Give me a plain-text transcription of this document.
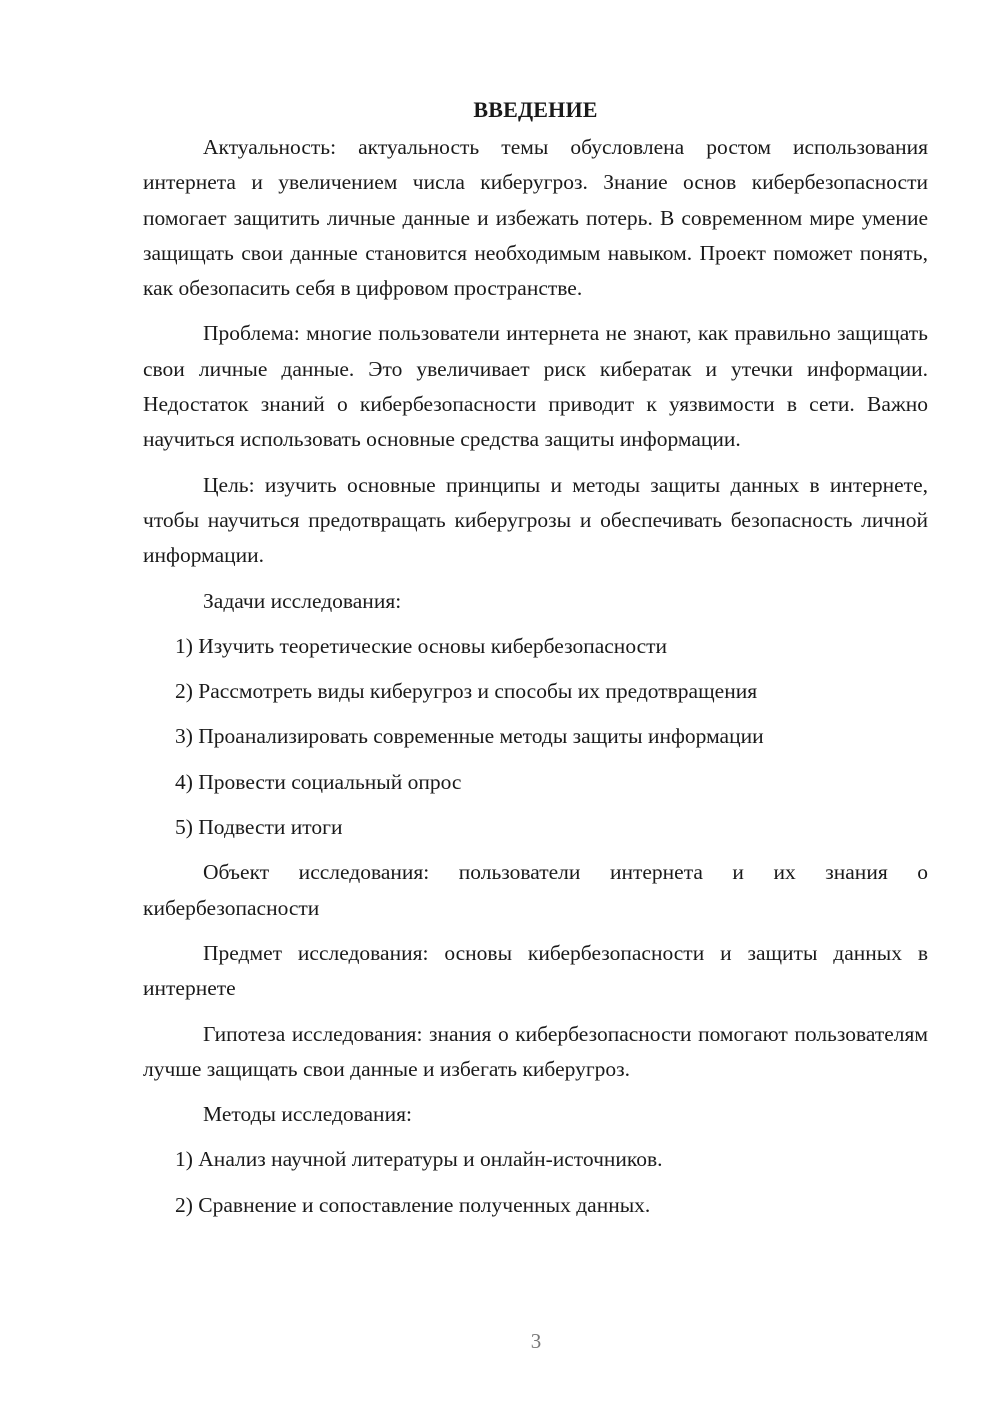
ВВЕДЕНИЕ

Актуальность: актуальность темы обусловлена ростом использования интернета и увеличением числа киберугроз. Знание основ кибербезопасности помогает защитить личные данные и избежать потерь. В современном мире умение защищать свои данные становится необходимым навыком. Проект поможет понять, как обезопасить себя в цифровом пространстве.

Проблема: многие пользователи интернета не знают, как правильно защищать свои личные данные. Это увеличивает риск кибератак и утечки информации. Недостаток знаний о кибербезопасности приводит к уязвимости в сети. Важно научиться использовать основные средства защиты информации.

Цель: изучить основные принципы и методы защиты данных в интернете, чтобы научиться предотвращать киберугрозы и обеспечивать безопасность личной информации.

Задачи исследования:

1) Изучить теоретические основы кибербезопасности
2) Рассмотреть виды киберугроз и способы их предотвращения
3) Проанализировать современные методы защиты информации
4) Провести социальный опрос
5) Подвести итоги

Объект исследования: пользователи интернета и их знания о кибербезопасности

Предмет исследования: основы кибербезопасности и защиты данных в интернете

Гипотеза исследования: знания о кибербезопасности помогают пользователям лучше защищать свои данные и избегать киберугроз.

Методы исследования:

1) Анализ научной литературы и онлайн-источников.
2) Сравнение и сопоставление полученных данных.
3
